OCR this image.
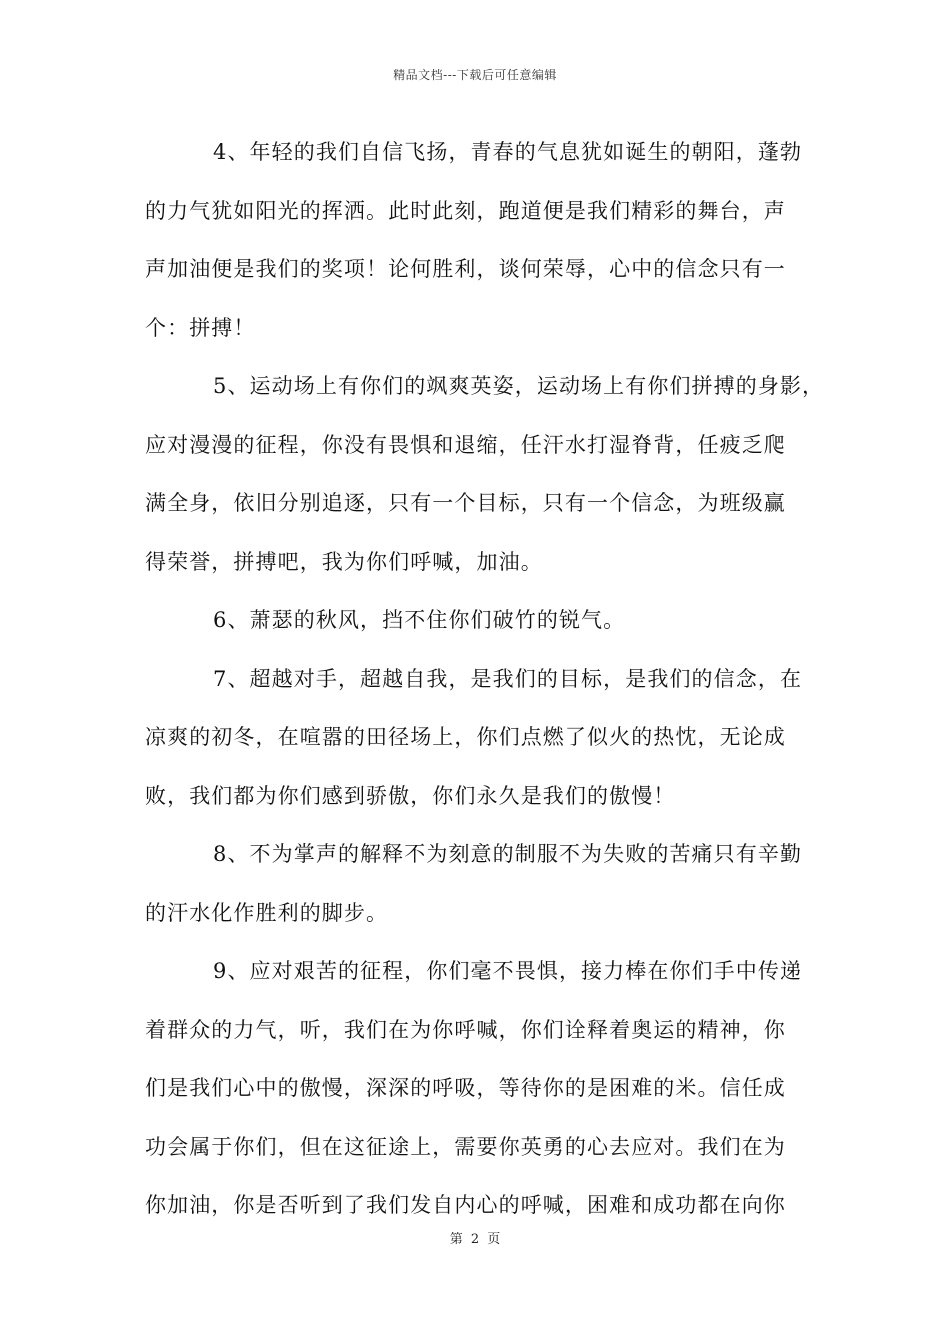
精品文档---下载后可任意编辑
4、年轻的我们自信飞扬，青春的气息犹如诞生的朝阳，蓬勃
的力气犹如阳光的挥洒。此时此刻，跑道便是我们精彩的舞台，声
声加油便是我们的奖项！论何胜利，谈何荣辱，心中的信念只有一
个：拼搏！
5、运动场上有你们的飒爽英姿，运动场上有你们拼搏的身影，
应对漫漫的征程，你没有畏惧和退缩，任汗水打湿脊背，任疲乏爬
满全身，依旧分别追逐，只有一个目标，只有一个信念，为班级赢
得荣誉，拼搏吧，我为你们呼喊，加油。
6、萧瑟的秋风，挡不住你们破竹的锐气。
7、超越对手，超越自我，是我们的目标，是我们的信念，在
凉爽的初冬，在喧嚣的田径场上，你们点燃了似火的热忱，无论成
败，我们都为你们感到骄傲，你们永久是我们的傲慢！
8、不为掌声的解释不为刻意的制服不为失败的苦痛只有辛勤
的汗水化作胜利的脚步。
9、应对艰苦的征程，你们毫不畏惧，接力棒在你们手中传递
着群众的力气，听，我们在为你呼喊，你们诠释着奥运的精神，你
们是我们心中的傲慢，深深的呼吸，等待你的是困难的米。信任成
功会属于你们，但在这征途上，需要你英勇的心去应对。我们在为
你加油，你是否听到了我们发自内心的呼喊，困难和成功都在向你
第 2 页
